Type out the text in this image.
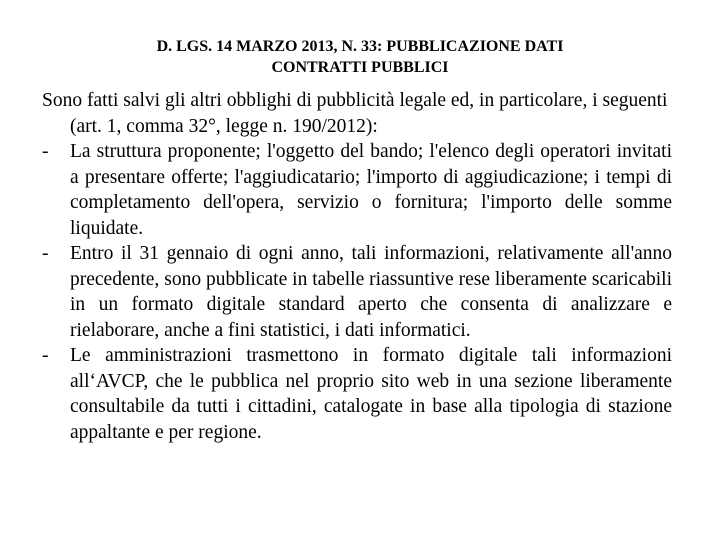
D. LGS. 14 MARZO 2013, N. 33: PUBBLICAZIONE DATI
CONTRATTI PUBBLICI

Sono fatti salvi gli altri obblighi di pubblicità legale ed, in particolare, i seguenti (art. 1, comma 32°, legge n. 190/2012):

-	La struttura proponente; l'oggetto del bando; l'elenco degli operatori invitati a presentare offerte; l'aggiudicatario; l'importo di aggiudicazione; i tempi di completamento dell'opera, servizio o fornitura; l'importo delle somme liquidate.
-	Entro il 31 gennaio di ogni anno, tali informazioni, relativamente all'anno precedente, sono pubblicate in tabelle riassuntive rese liberamente scaricabili in un formato digitale standard aperto che consenta di analizzare e rielaborare, anche a fini statistici, i dati informatici.
-	Le amministrazioni trasmettono in formato digitale tali informazioni all‘AVCP, che le pubblica nel proprio sito web in una sezione liberamente consultabile da tutti i cittadini, catalogate in base alla tipologia di stazione appaltante e per regione.
